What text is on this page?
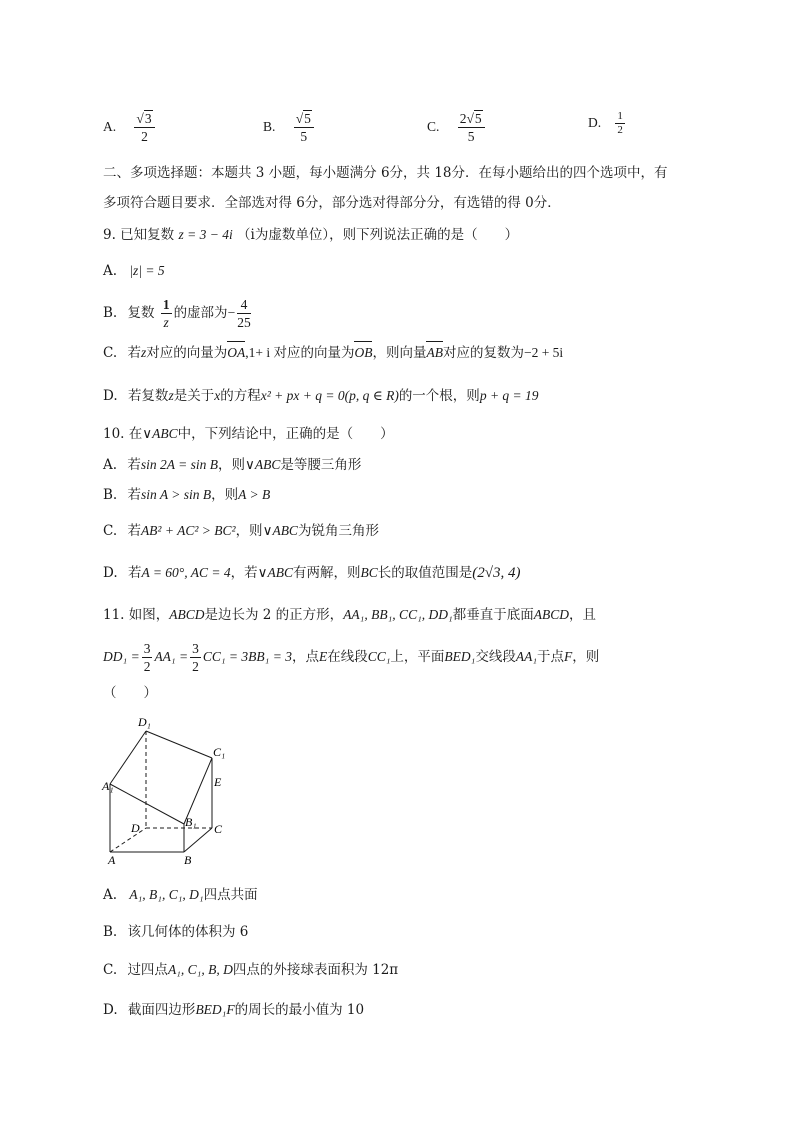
A. $\frac{√3}{2}$	B. $\frac{√5}{5}$	C. $\frac{2√5}{5}$	D. $\frac{1}{2}$
二、多项选择题：本题共 3 小题，每小题满分 6分，共 18分．在每小题给出的四个选项中，有
多项符合题目要求．全部选对得 6分，部分选对得部分分，有选错的得 0分．
9. 已知复数 z = 3 − 4i （i为虚数单位），则下列说法正确的是（　　）
A. |z| = 5
B. 复数 $\frac{1}{z}$ 的虚部为− $\frac{4}{25}$
C. 若z对应的向量为OA,1+ i 对应的向量为OB，则向量AB对应的复数为−2 + 5i
D. 若复数z是关于x的方程x² + px + q = 0(p, q ∈ R)的一个根，则p + q = 19
10. 在∨ABC中，下列结论中，正确的是（　　）
A. 若sin 2A = sin B，则∨ABC是等腰三角形
B. 若sin A > sin B，则A > B
C. 若AB² + AC² > BC²，则∨ABC为锐角三角形
D. 若A = 60°, AC = 4，若∨ABC有两解，则BC长的取值范围是(2√3, 4)
11. 如图，ABCD是边长为 2 的正方形，AA₁, BB₁, CC₁, DD₁都垂直于底面ABCD，且
$DD_1 = \frac{3}{2} AA_1 = \frac{3}{2} CC_1 = 3BB_1 = 3$，点E在线段CC₁上，平面BED₁交线段AA₁于点F，则
（　　）
D₁
C₁
E
A₁
D	B₁ C
A	B
A. A₁, B₁, C₁, D₁四点共面
B. 该几何体的体积为 6
C. 过四点A₁, C₁, B, D四点的外接球表面积为 12π
D. 截面四边形BED₁F的周长的最小值为 10
